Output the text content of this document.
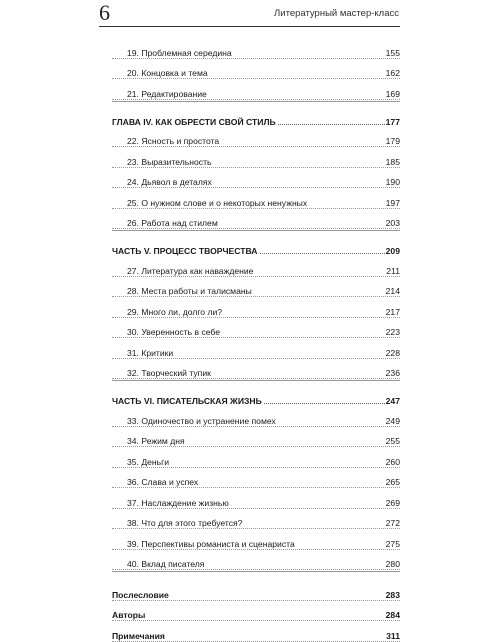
6	Литературный мастер-класс
19. Проблемная середина	155
20. Концовка и тема	162
21. Редактирование	169
ГЛАВА IV. КАК ОБРЕСТИ СВОЙ СТИЛЬ	177
22. Ясность и простота	179
23. Выразительность	185
24. Дьявол в деталях	190
25. О нужном слове и о некоторых ненужных	197
26. Работа над стилем	203
ЧАСТЬ V. ПРОЦЕСС ТВОРЧЕСТВА	209
27. Литература как наваждение	211
28. Места работы и талисманы	214
29. Много ли, долго ли?	217
30. Уверенность в себе	223
31. Критики	228
32. Творческий тупик	236
ЧАСТЬ VI. ПИСАТЕЛЬСКАЯ ЖИЗНЬ	247
33. Одиночество и устранение помех	249
34. Режим дня	255
35. Деньги	260
36. Слава и успех	265
37. Наслаждение жизнью	269
38. Что для этого требуется?	272
39. Перспективы романиста и сценариста	275
40. Вклад писателя	280
Послесловие	283
Авторы	284
Примечания	311
